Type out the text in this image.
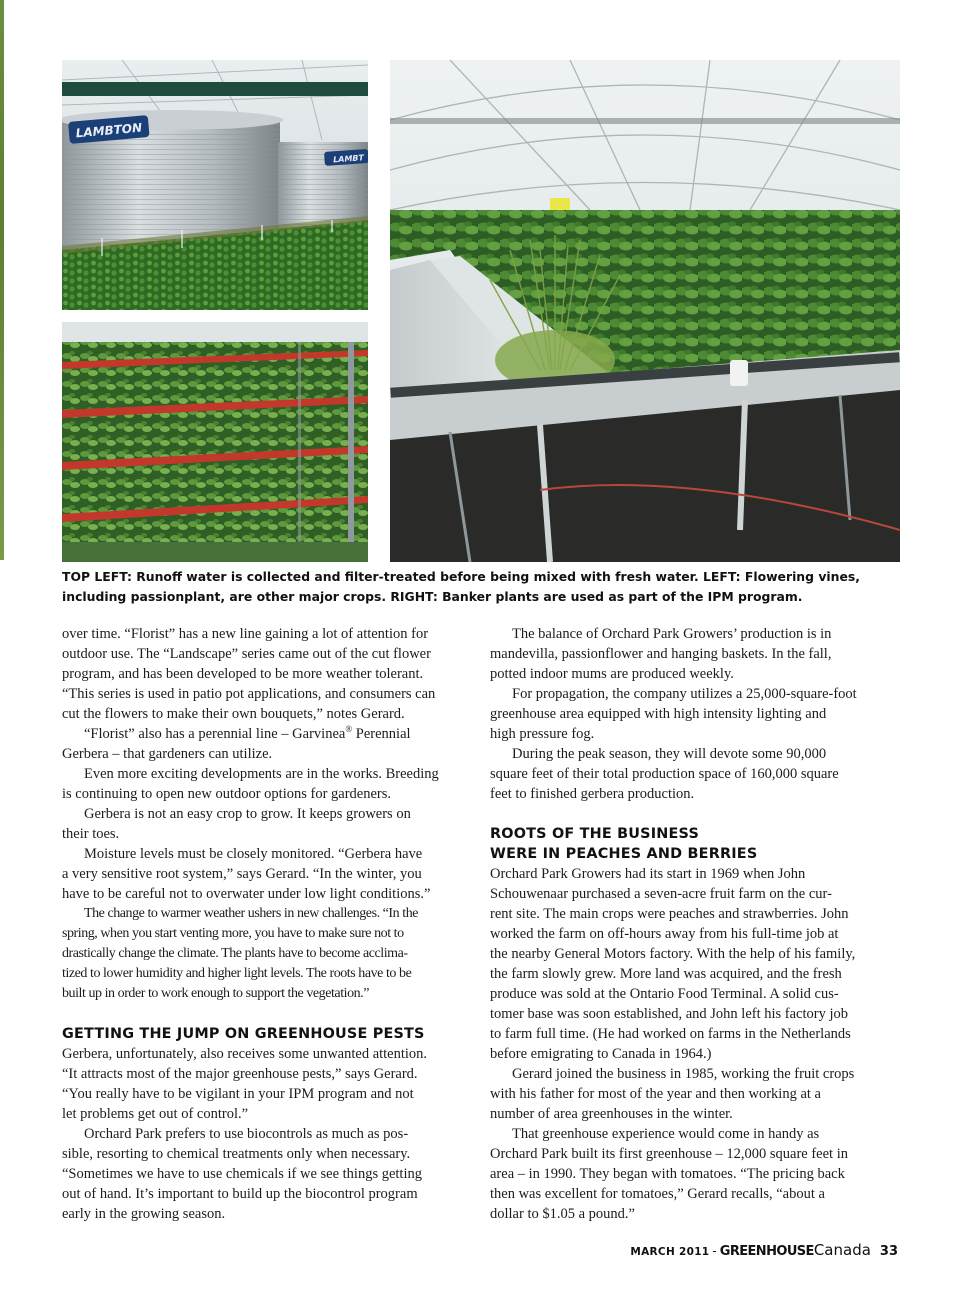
LAMBTON
LAMBT
TOP LEFT: Runoff water is collected and filter-treated before being mixed with fresh water. LEFT: Flowering vines, including passionplant, are other major crops. RIGHT: Banker plants are used as part of the IPM program.

over time. “Florist” has a new line gaining a lot of attention for
outdoor use. The “Landscape” series came out of the cut flower
program, and has been developed to be more weather tolerant.
“This series is used in patio pot applications, and consumers can
cut the flowers to make their own bouquets,” notes Gerard.

“Florist” also has a perennial line – Garvinea® Perennial
Gerbera – that gardeners can utilize.

Even more exciting developments are in the works. Breeding
is continuing to open new outdoor options for gardeners.

Gerbera is not an easy crop to grow. It keeps growers on
their toes.

Moisture levels must be closely monitored. “Gerbera have
a very sensitive root system,” says Gerard. “In the winter, you
have to be careful not to overwater under low light conditions.”

The change to warmer weather ushers in new challenges. “In the
spring, when you start venting more, you have to make sure not to
drastically change the climate. The plants have to become acclima-
tized to lower humidity and higher light levels. The roots have to be
built up in order to work enough to support the vegetation.”

GETTING THE JUMP ON GREENHOUSE PESTS

Gerbera, unfortunately, also receives some unwanted attention.
“It attracts most of the major greenhouse pests,” says Gerard.
“You really have to be vigilant in your IPM program and not
let problems get out of control.”

Orchard Park prefers to use biocontrols as much as pos-
sible, resorting to chemical treatments only when necessary.
“Sometimes we have to use chemicals if we see things getting
out of hand. It’s important to build up the biocontrol program
early in the growing season.

The balance of Orchard Park Growers’ production is in
mandevilla, passionflower and hanging baskets. In the fall,
potted indoor mums are produced weekly.

For propagation, the company utilizes a 25,000-square-foot
greenhouse area equipped with high intensity lighting and
high pressure fog.

During the peak season, they will devote some 90,000
square feet of their total production space of 160,000 square
feet to finished gerbera production.

ROOTS OF THE BUSINESS
WERE IN PEACHES AND BERRIES

Orchard Park Growers had its start in 1969 when John
Schouwenaar purchased a seven-acre fruit farm on the cur-
rent site. The main crops were peaches and strawberries. John
worked the farm on off-hours away from his full-time job at
the nearby General Motors factory. With the help of his family,
the farm slowly grew. More land was acquired, and the fresh
produce was sold at the Ontario Food Terminal. A solid cus-
tomer base was soon established, and John left his factory job
to farm full time. (He had worked on farms in the Netherlands
before emigrating to Canada in 1964.)

Gerard joined the business in 1985, working the fruit crops
with his father for most of the year and then working at a
number of area greenhouses in the winter.

That greenhouse experience would come in handy as
Orchard Park built its first greenhouse – 12,000 square feet in
area – in 1990. They began with tomatoes. “The pricing back
then was excellent for tomatoes,” Gerard recalls, “about a
dollar to $1.05 a pound.”

MARCH 2011 - GREENHOUSE Canada 33
